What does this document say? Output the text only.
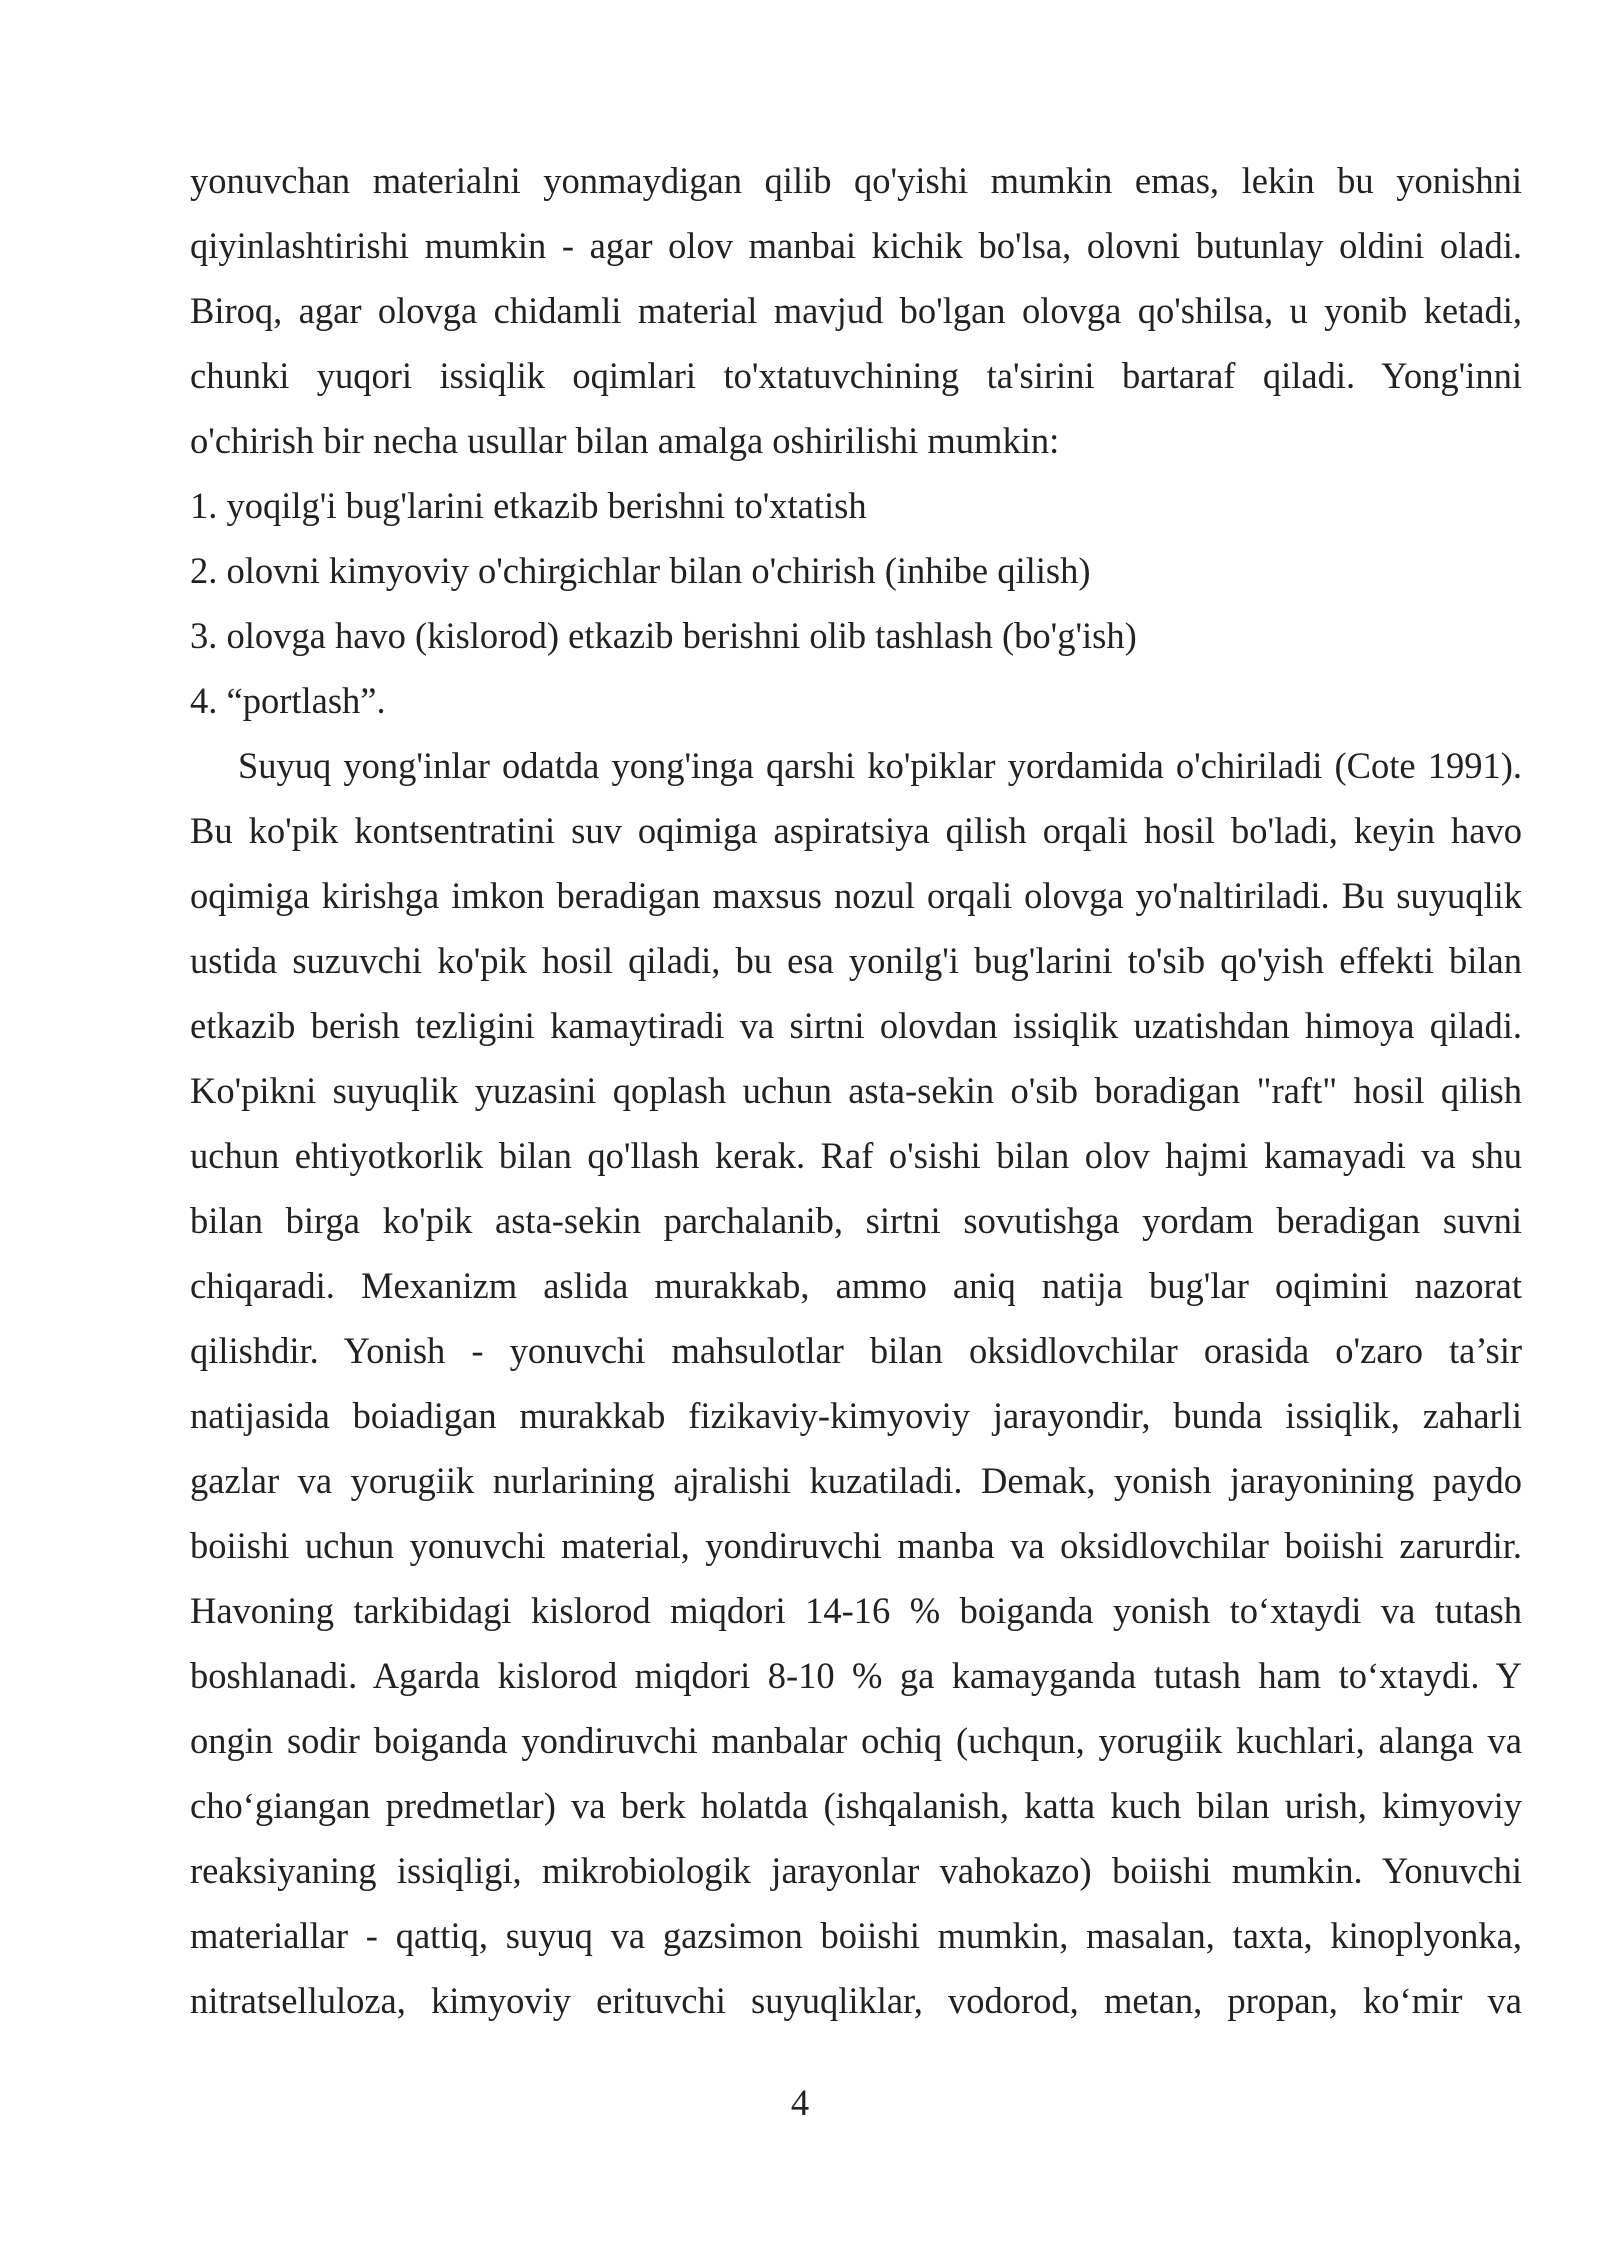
yonuvchan materialni yonmaydigan qilib qo'yishi mumkin emas, lekin bu yonishni
qiyinlashtirishi mumkin - agar olov manbai kichik bo'lsa, olovni butunlay oldini oladi.
Biroq, agar olovga chidamli material mavjud bo'lgan olovga qo'shilsa, u yonib ketadi,
chunki yuqori issiqlik oqimlari to'xtatuvchining ta'sirini bartaraf qiladi. Yong'inni
o'chirish bir necha usullar bilan amalga oshirilishi mumkin:
1. yoqilg'i bug'larini etkazib berishni to'xtatish
2. olovni kimyoviy o'chirgichlar bilan o'chirish (inhibe qilish)
3. olovga havo (kislorod) etkazib berishni olib tashlash (bo'g'ish)
4. “portlash”.
Suyuq yong'inlar odatda yong'inga qarshi ko'piklar yordamida o'chiriladi (Cote 1991).
Bu ko'pik kontsentratini suv oqimiga aspiratsiya qilish orqali hosil bo'ladi, keyin havo
oqimiga kirishga imkon beradigan maxsus nozul orqali olovga yo'naltiriladi. Bu suyuqlik
ustida suzuvchi ko'pik hosil qiladi, bu esa yonilg'i bug'larini to'sib qo'yish effekti bilan
etkazib berish tezligini kamaytiradi va sirtni olovdan issiqlik uzatishdan himoya qiladi.
Ko'pikni suyuqlik yuzasini qoplash uchun asta-sekin o'sib boradigan "raft" hosil qilish
uchun ehtiyotkorlik bilan qo'llash kerak. Raf o'sishi bilan olov hajmi kamayadi va shu
bilan birga ko'pik asta-sekin parchalanib, sirtni sovutishga yordam beradigan suvni
chiqaradi. Mexanizm aslida murakkab, ammo aniq natija bug'lar oqimini nazorat
qilishdir. Yonish - yonuvchi mahsulotlar bilan oksidlovchilar orasida o'zaro ta’sir
natijasida boiadigan murakkab fizikaviy-kimyoviy jarayondir, bunda issiqlik, zaharli
gazlar va yorugiik nurlarining ajralishi kuzatiladi. Demak, yonish jarayonining paydo
boiishi uchun yonuvchi material, yondiruvchi manba va oksidlovchilar boiishi zarurdir.
Havoning tarkibidagi kislorod miqdori 14-16 % boiganda yonish to‘xtaydi va tutash
boshlanadi. Agarda kislorod miqdori 8-10 % ga kamayganda tutash ham to‘xtaydi. Y
ongin sodir boiganda yondiruvchi manbalar ochiq (uchqun, yorugiik kuchlari, alanga va
cho‘giangan predmetlar) va berk holatda (ishqalanish, katta kuch bilan urish, kimyoviy
reaksiyaning issiqligi, mikrobiologik jarayonlar vahokazo) boiishi mumkin. Yonuvchi
materiallar - qattiq, suyuq va gazsimon boiishi mumkin, masalan, taxta, kinoplyonka,
nitratselluloza, kimyoviy erituvchi suyuqliklar, vodorod, metan, propan, ko‘mir va
4
